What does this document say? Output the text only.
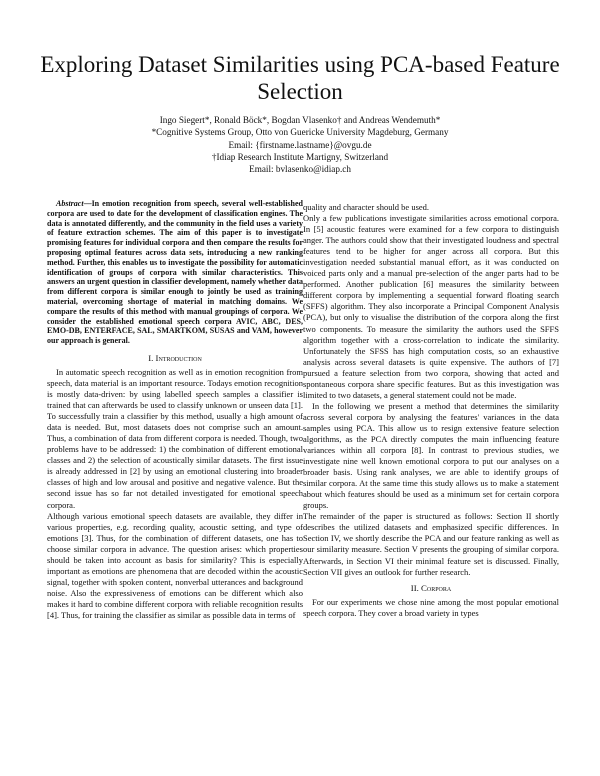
Exploring Dataset Similarities using PCA-based Feature Selection
Ingo Siegert*, Ronald Böck*, Bogdan Vlasenko† and Andreas Wendemuth*
*Cognitive Systems Group, Otto von Guericke University Magdeburg, Germany
Email: {firstname.lastname}@ovgu.de
†Idiap Research Institute Martigny, Switzerland
Email: bvlasenko@idiap.ch

Abstract—In emotion recognition from speech, several well-established corpora are used to date for the development of classification engines. The data is annotated differently, and the community in the field uses a variety of feature extraction schemes. The aim of this paper is to investigate promising features for individual corpora and then compare the results for proposing optimal features across data sets, introducing a new ranking method. Further, this enables us to investigate the possibility for automatic identification of groups of corpora with similar characteristics. This answers an urgent question in classifier development, namely whether data from different corpora is similar enough to jointly be used as training material, overcoming shortage of material in matching domains. We compare the results of this method with manual groupings of corpora. We consider the established emotional speech corpora AVIC, ABC, DES, EMO-DB, ENTERFACE, SAL, SMARTKOM, SUSAS and VAM, however our approach is general.

I. Introduction

In automatic speech recognition as well as in emotion recognition from speech, data material is an important resource. Todays emotion recognition is mostly data-driven: by using labelled speech samples a classifier is trained that can afterwards be used to classify unknown or unseen data [1]. To successfully train a classifier by this method, usually a high amount of data is needed. But, most datasets does not comprise such an amount. Thus, a combination of data from different corpora is needed. Though, two problems have to be addressed: 1) the combination of different emotional classes and 2) the selection of acoustically similar datasets. The first issue is already addressed in [2] by using an emotional clustering into broader classes of high and low arousal and positive and negative valence. But the second issue has so far not detailed investigated for emotional speech corpora.

Although various emotional speech datasets are available, they differ in various properties, e.g. recording quality, acoustic setting, and type of emotions [3]. Thus, for the combination of different datasets, one has to choose similar corpora in advance. The question arises: which properties should be taken into account as basis for similarity? This is especially important as emotions are phenomena that are decoded within the acoustic signal, together with spoken content, nonverbal utterances and background noise. Also the expressiveness of emotions can be different which also makes it hard to combine different corpora with reliable recognition results [4]. Thus, for training the classifier as similar as possible data in terms of

quality and character should be used.

Only a few publications investigate similarities across emotional corpora. In [5] acoustic features were examined for a few corpora to distinguish anger. The authors could show that their investigated loudness and spectral features tend to be higher for anger across all corpora. But this investigation needed substantial manual effort, as it was conducted on voiced parts only and a manual pre-selection of the anger parts had to be performed. Another publication [6] measures the similarity between different corpora by implementing a sequential forward floating search (SFFS) algorithm. They also incorporate a Principal Component Analysis (PCA), but only to visualise the distribution of the corpora along the first two components. To measure the similarity the authors used the SFFS algorithm together with a cross-correlation to indicate the similarity. Unfortunately the SFSS has high computation costs, so an exhaustive analysis across several datasets is quite expensive. The authors of [7] pursued a feature selection from two corpora, showing that acted and spontaneous corpora share specific features. But as this investigation was limited to two datasets, a general statement could not be made.

In the following we present a method that determines the similarity across several corpora by analysing the features' variances in the data samples using PCA. This allow us to resign extensive feature selection algorithms, as the PCA directly computes the main influencing feature variances within all corpora [8]. In contrast to previous studies, we investigate nine well known emotional corpora to put our analyses on a broader basis. Using rank analyses, we are able to identify groups of similar corpora. At the same time this study allows us to make a statement about which features should be used as a minimum set for certain corpora groups.

The remainder of the paper is structured as follows: Section II shortly describes the utilized datasets and emphasized specific differences. In Section IV, we shortly describe the PCA and our feature ranking as well as our similarity measure. Section V presents the grouping of similar corpora. Afterwards, in Section VI their minimal feature set is discussed. Finally, Section VII gives an outlook for further research.

II. Corpora

For our experiments we chose nine among the most popular emotional speech corpora. They cover a broad variety in types
